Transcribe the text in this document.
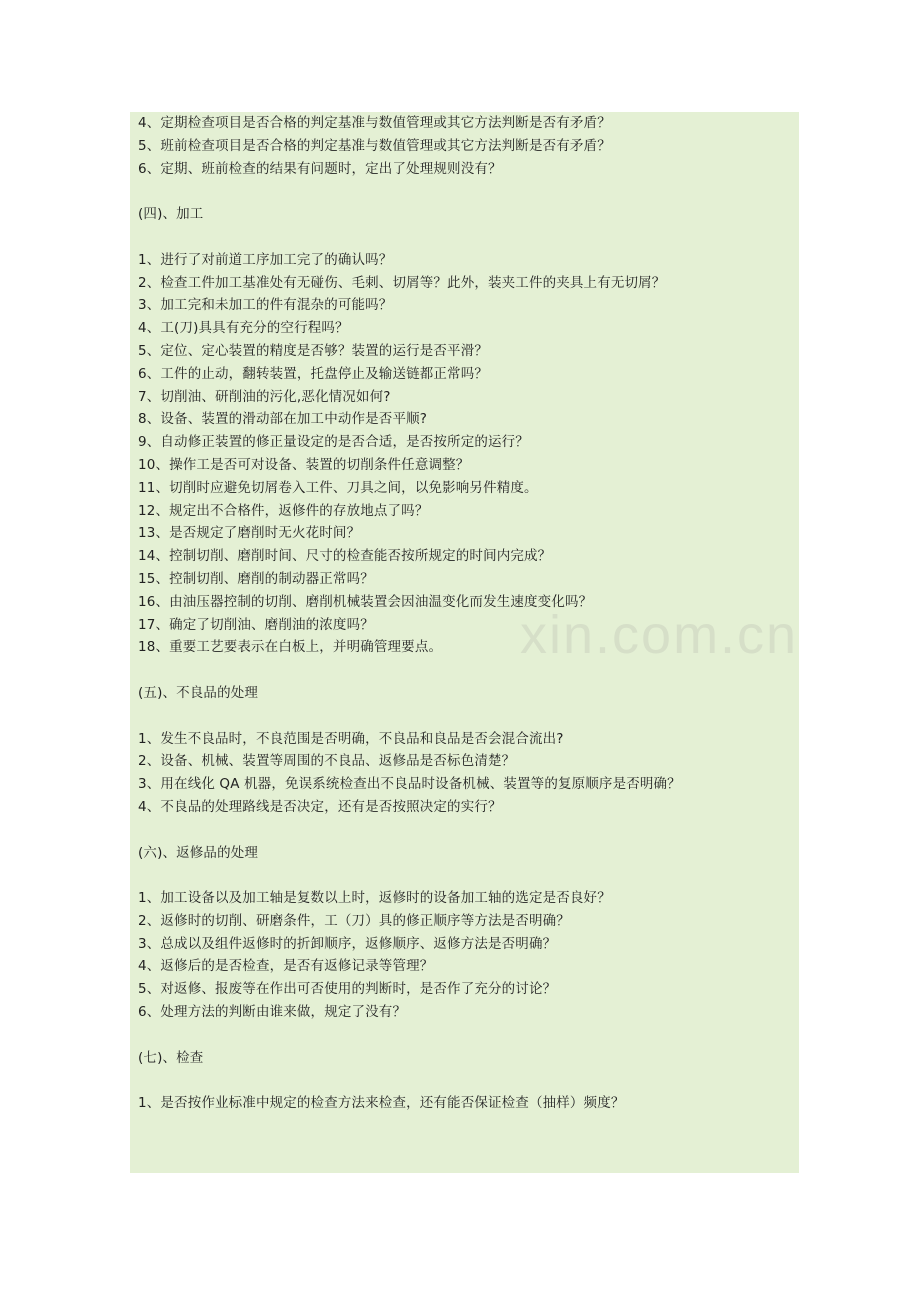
4、定期检查项目是否合格的判定基准与数值管理或其它方法判断是否有矛盾？
5、班前检查项目是否合格的判定基准与数值管理或其它方法判断是否有矛盾？
6、定期、班前检查的结果有问题时，定出了处理规则没有？
(四)、加工
1、进行了对前道工序加工完了的确认吗？
2、检查工件加工基准处有无碰伤、毛刺、切屑等？此外，装夹工件的夹具上有无切屑？
3、加工完和未加工的件有混杂的可能吗？
4、工(刀)具具有充分的空行程吗？
5、定位、定心装置的精度是否够？装置的运行是否平滑？
6、工件的止动，翻转装置，托盘停止及输送链都正常吗？
7、切削油、研削油的污化,恶化情况如何?
8、设备、装置的滑动部在加工中动作是否平顺?
9、自动修正装置的修正量设定的是否合适，是否按所定的运行？
10、操作工是否可对设备、装置的切削条件任意调整？
11、切削时应避免切屑卷入工件、刀具之间，以免影响另件精度。
12、规定出不合格件，返修件的存放地点了吗？
13、是否规定了磨削时无火花时间？
14、控制切削、磨削时间、尺寸的检查能否按所规定的时间内完成？
15、控制切削、磨削的制动器正常吗？
16、由油压器控制的切削、磨削机械装置会因油温变化而发生速度变化吗？
17、确定了切削油、磨削油的浓度吗？
18、重要工艺要表示在白板上，并明确管理要点。
(五)、不良品的处理
1、发生不良品时，不良范围是否明确，不良品和良品是否会混合流出?
2、设备、机械、装置等周围的不良品、返修品是否标色清楚？
3、用在线化 QA 机器，免误系统检查出不良品时设备机械、装置等的复原顺序是否明确？
4、不良品的处理路线是否决定，还有是否按照决定的实行？
(六)、返修品的处理
1、加工设备以及加工轴是复数以上时，返修时的设备加工轴的选定是否良好？
2、返修时的切削、研磨条件，工（刀）具的修正顺序等方法是否明确？
3、总成以及组件返修时的折卸顺序，返修顺序、返修方法是否明确？
4、返修后的是否检查，是否有返修记录等管理？
5、对返修、报废等在作出可否使用的判断时，是否作了充分的讨论？
6、处理方法的判断由谁来做，规定了没有？
(七)、检查
1、是否按作业标准中规定的检查方法来检查，还有能否保证检查（抽样）频度？
xin.com.cn
